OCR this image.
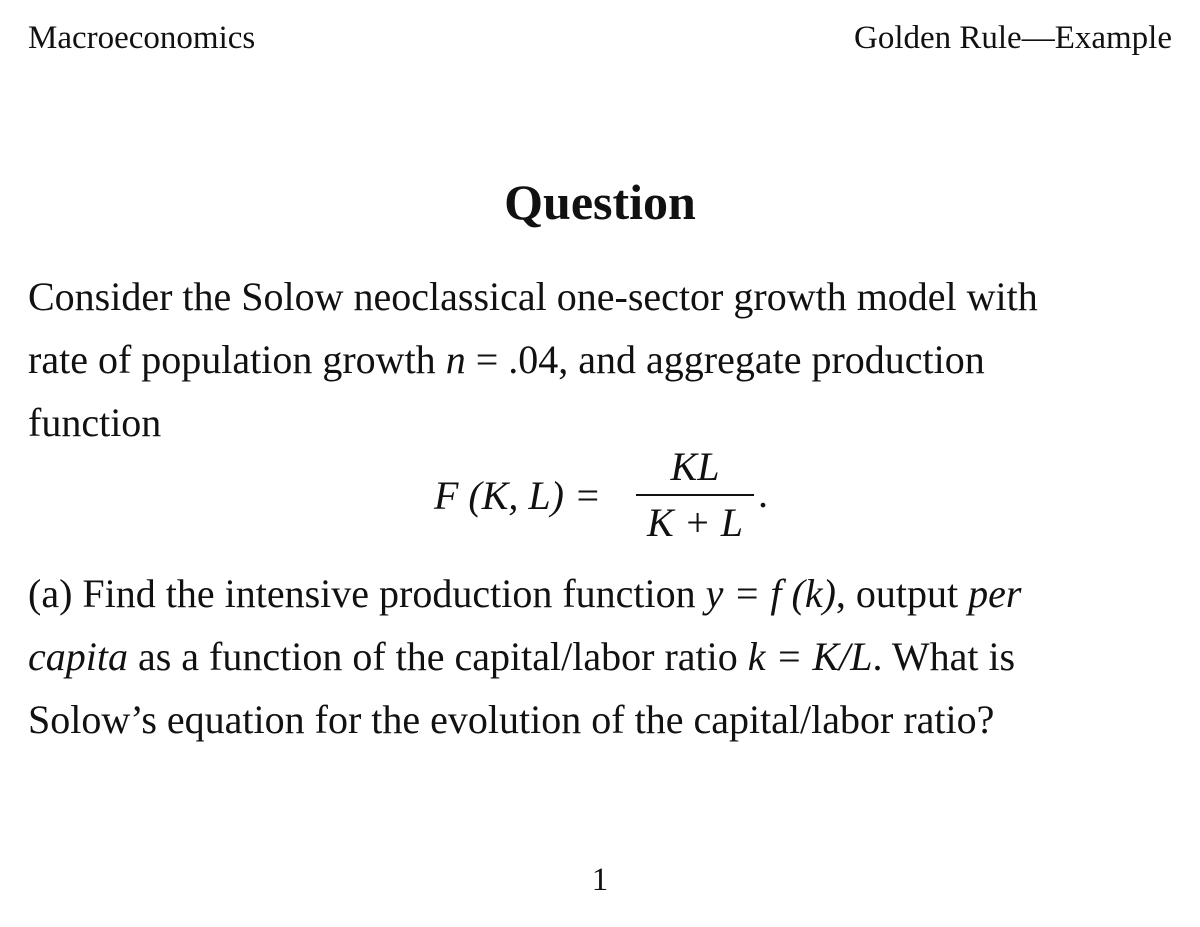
Macroeconomics	Golden Rule—Example
Question
Consider the Solow neoclassical one-sector growth model with
rate of population growth n = .04, and aggregate production
function
F (K, L) =
KL
K + L
.
(a) Find the intensive production function y = f (k), output per
capita as a function of the capital/labor ratio k = K/L. What is
Solow’s equation for the evolution of the capital/labor ratio?
1
